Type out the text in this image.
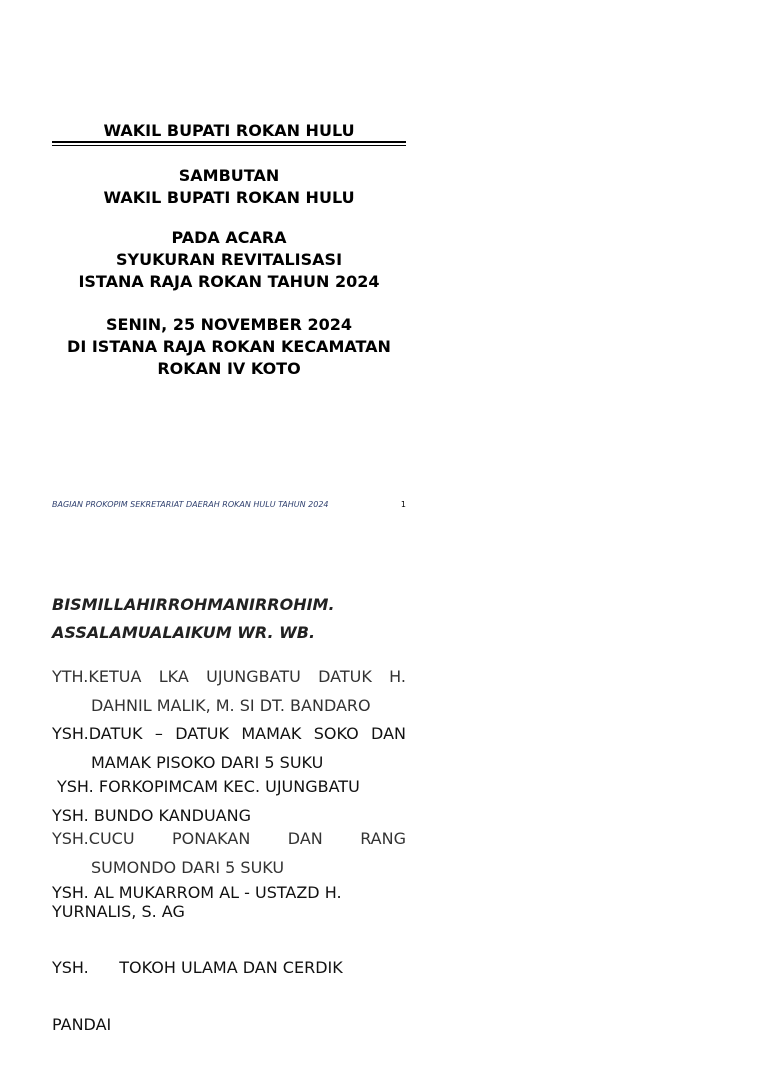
WAKIL BUPATI ROKAN HULU
SAMBUTAN
WAKIL BUPATI ROKAN HULU
PADA ACARA
SYUKURAN REVITALISASI
ISTANA RAJA ROKAN TAHUN 2024
SENIN, 25 NOVEMBER 2024
DI ISTANA RAJA ROKAN KECAMATAN
ROKAN IV KOTO
BAGIAN PROKOPIM SEKRETARIAT DAERAH ROKAN HULU TAHUN 2024	1
BISMILLAHIRROHMANIRROHIM.
ASSALAMUALAIKUM WR. WB.
YTH. KETUA LKA UJUNGBATU DATUK H.
DAHNIL MALIK, M. SI DT. BANDARO
YSH. DATUK – DATUK MAMAK SOKO DAN
MAMAK PISOKO DARI 5 SUKU
YSH. FORKOPIMCAM KEC. UJUNGBATU
YSH. BUNDO KANDUANG
YSH. CUCU PONAKAN DAN RANG
SUMONDO DARI 5 SUKU
YSH. AL MUKARROM AL - USTAZD H.
YURNALIS, S. AG

YSH.      TOKOH ULAMA DAN CERDIK

PANDAI
